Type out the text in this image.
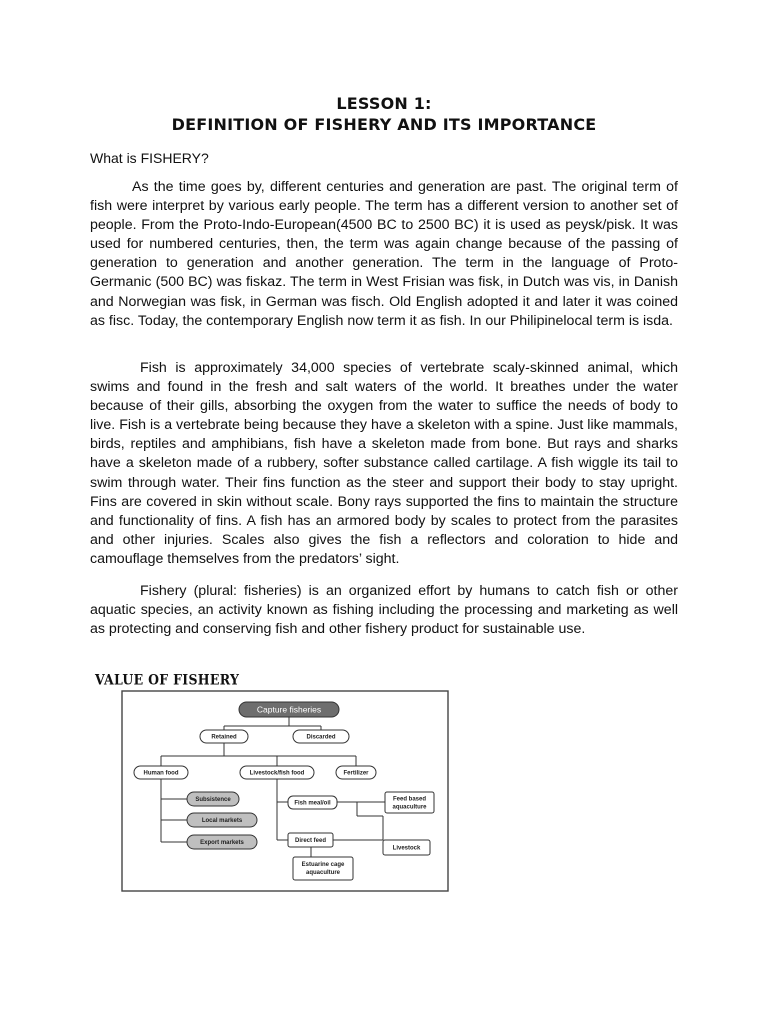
LESSON 1:
DEFINITION OF FISHERY AND ITS IMPORTANCE
What is FISHERY?

As the time goes by, different centuries and generation are past. The original term of fish were interpret by various early people. The term has a different version to another set of people. From the Proto-Indo-European(4500 BC to 2500 BC) it is used as peysk/pisk. It was used for numbered centuries, then, the term was again change because of the passing of generation to generation and another generation. The term in the language of Proto-Germanic (500 BC) was fiskaz. The term in West Frisian was fisk, in Dutch was vis, in Danish and Norwegian was fisk, in German was fisch. Old English adopted it and later it was coined as fisc. Today, the contemporary English now term it as fish. In our Philipinelocal term is isda.

Fish is approximately 34,000 species of vertebrate scaly-skinned animal, which swims and found in the fresh and salt waters of the world. It breathes under the water because of their gills, absorbing the oxygen from the water to suffice the needs of body to live. Fish is a vertebrate being because they have a skeleton with a spine. Just like mammals, birds, reptiles and amphibians, fish have a skeleton made from bone. But rays and sharks have a skeleton made of a rubbery, softer substance called cartilage. A fish wiggle its tail to swim through water. Their fins function as the steer and support their body to stay upright. Fins are covered in skin without scale. Bony rays supported the fins to maintain the structure and functionality of fins. A fish has an armored body by scales to protect from the parasites and other injuries. Scales also gives the fish a reflectors and coloration to hide and camouflage themselves from the predators’ sight.

Fishery (plural: fisheries) is an organized effort by humans to catch fish or other aquatic species, an activity known as fishing including the processing and marketing as well as protecting and conserving fish and other fishery product for sustainable use.

VALUE OF FISHERY
Capture fisheries
Retained	Discarded
Human food	Livestock/fish food	Fertilizer
Subsistence
Local markets
Export markets
Fish meal/oil
Feed based
aquaculture
Direct feed
Livestock
Estuarine cage
aquaculture
